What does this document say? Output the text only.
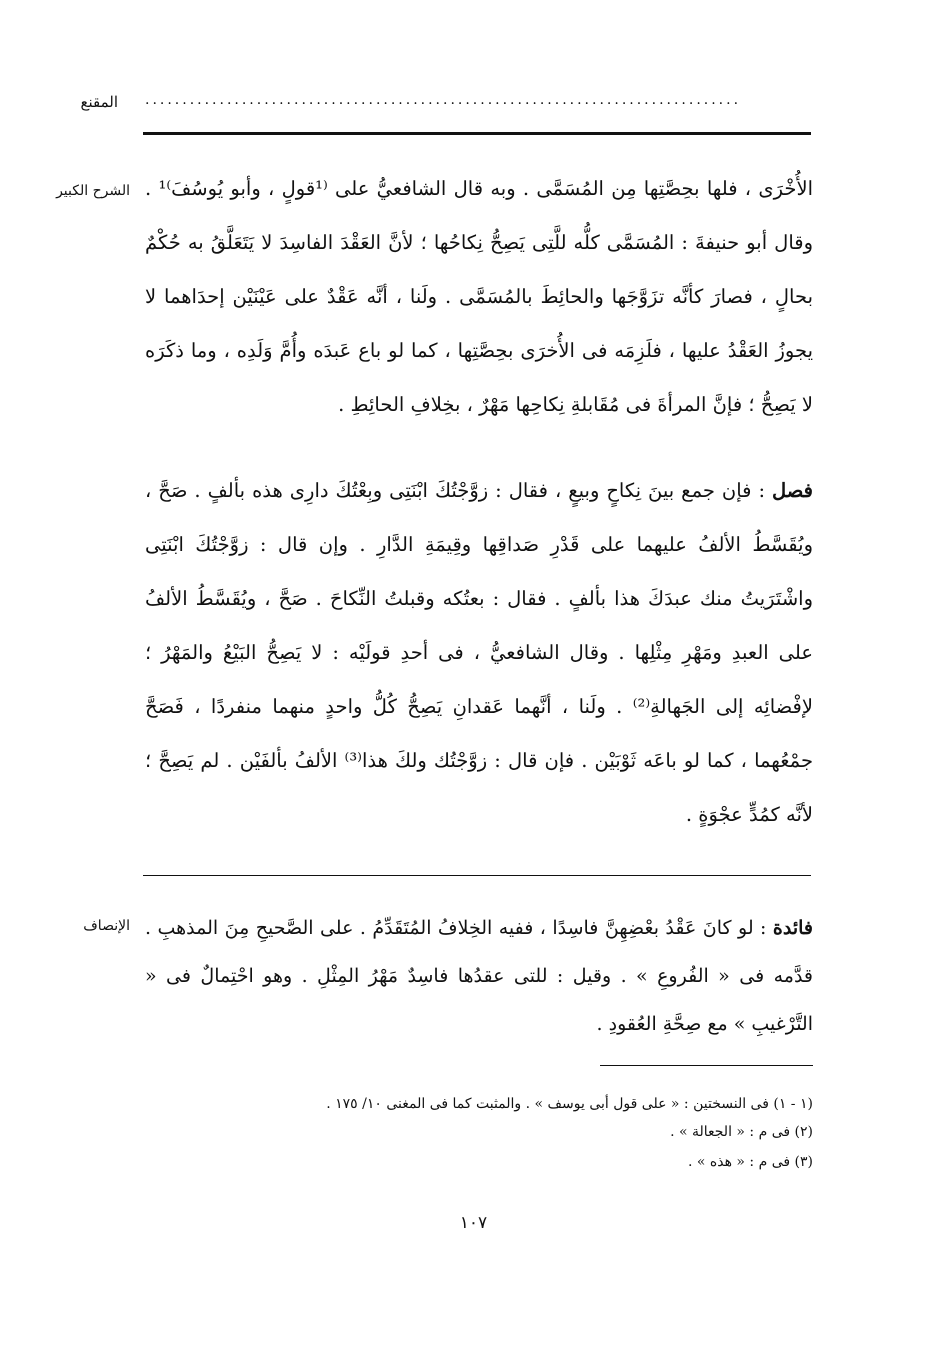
المقنع ................................................................................
الشرح الكبير
الإنصاف
الأُخْرَى ، فلها بحِصَّتِها مِن المُسَمَّى . وبه قال الشافعيُّ على ⁽¹قولٍ ، وأبو يُوسُفَ⁾¹ . وقال أبو حنيفةَ : المُسَمَّى كلُّه للَّتِى يَصِحُّ نِكاحُها ؛ لأنَّ العَقْدَ الفاسِدَ لا يَتَعَلَّقُ به حُكْمٌ بحالٍ ، فصارَ كأنَّه تزَوَّجَها والحائِطَ بالمُسَمَّى . ولَنا ، أنَّه عَقْدٌ على عَيْنَيْن إحدَاهما لا يجوزُ العَقْدُ عليها ، فلَزِمَه فى الأُخرَى بحِصَّتِها ، كما لو باع عَبدَه وأُمَّ وَلَدِه ، وما ذكَرَه لا يَصِحُّ ؛ فإنَّ المرأةَ فى مُقَابلةِ نِكاحِها مَهْرٌ ، بخِلافِ الحائِطِ .
فصل : فإن جمع بينَ نِكاحٍ وبيعٍ ، فقال : زوَّجْتُكَ ابْنَتِى وبِعْتُكَ دارِى هذه بألفٍ . صَحَّ ، ويُقَسَّطُ الألفُ عليهما على قَدْرِ صَداقِها وقِيمَةِ الدَّارِ . وإن قال : زوَّجْتُكَ ابْنَتِى واشْتَرَيتُ منك عبدَكَ هذا بألفٍ . فقال : بعتُكه وقبلتُ النِّكاحَ . صَحَّ ، ويُقَسَّطُ الألفُ على العبدِ ومَهْرِ مِثْلِها . وقال الشافعيُّ ، فى أحدِ قولَيْه : لا يَصِحُّ البَيْعُ والمَهْرُ ؛ لإفْضائِه إلى الجَهالةِ⁽²⁾ . ولَنا ، أنَّهما عَقدانِ يَصِحُّ كُلُّ واحدٍ منهما منفردًا ، فَصَحَّ جمْعُهما ، كما لو باعَه ثَوْبَيْن . فإن قال : زوَّجْتُك ولكَ هذا⁽³⁾ الألفُ بألفَيْن . لم يَصِحَّ ؛ لأنَّه كمُدٍّ عجْوَةٍ .
فائدة : لو كانَ عَقْدُ بعْضِهِنَّ فاسِدًا ، ففيه الخِلافُ المُتَقَدِّمُ . على الصَّحيحِ مِنَ المذهبِ . قدَّمه فى « الفُروعِ » . وقيل : للتى عقدُها فاسِدٌ مَهْرُ المِثْلِ . وهو احْتِمالٌ فى « التَّرْغيبِ » مع صِحَّةِ العُقودِ .
(١ - ١) فى النسختين : « على قول أبى يوسف » . والمثبت كما فى المغنى ١٠/ ١٧٥ .
(٢) فى م : « الجعالة » .
(٣) فى م : « هذه » .
١٠٧
